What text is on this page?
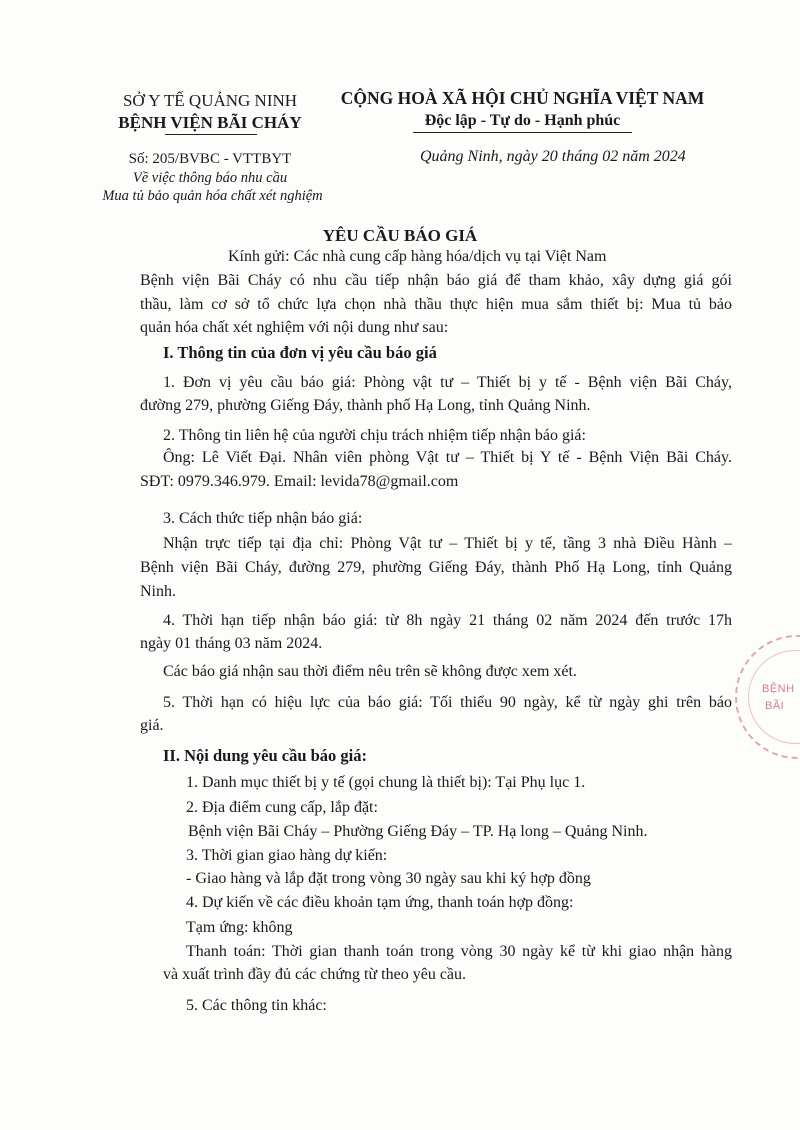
SỞ Y TẾ QUẢNG NINH
BỆNH VIỆN BÃI CHÁY
CỘNG HOÀ XÃ HỘI CHỦ NGHĨA VIỆT NAM
Độc lập - Tự do - Hạnh phúc
Số: 205/BVBC - VTTBYT
Về việc thông báo nhu cầu
Mua tủ bảo quản hóa chất xét nghiệm
Quảng Ninh, ngày 20 tháng 02 năm 2024
YÊU CẦU BÁO GIÁ
Kính gửi: Các nhà cung cấp hàng hóa/dịch vụ tại Việt Nam
Bệnh viện Bãi Cháy có nhu cầu tiếp nhận báo giá để tham khảo, xây dựng giá gói
thầu, làm cơ sở tổ chức lựa chọn nhà thầu thực hiện mua sắm thiết bị: Mua tủ bảo
quản hóa chất xét nghiệm với nội dung như sau:
I. Thông tin của đơn vị yêu cầu báo giá
1. Đơn vị yêu cầu báo giá: Phòng vật tư – Thiết bị y tế - Bệnh viện Bãi Cháy,
đường 279, phường Giếng Đáy, thành phố Hạ Long, tỉnh Quảng Ninh.
2. Thông tin liên hệ của người chịu trách nhiệm tiếp nhận báo giá:
Ông: Lê Viết Đại. Nhân viên phòng Vật tư – Thiết bị Y tế - Bệnh Viện Bãi Cháy.
SĐT: 0979.346.979. Email: levida78@gmail.com
3. Cách thức tiếp nhận báo giá:
Nhận trực tiếp tại địa chỉ: Phòng Vật tư – Thiết bị y tế, tầng 3 nhà Điều Hành –
Bệnh viện Bãi Cháy, đường 279, phường Giếng Đáy, thành Phố Hạ Long, tỉnh Quảng
Ninh.
4. Thời hạn tiếp nhận báo giá: từ 8h ngày 21 tháng 02 năm 2024 đến trước 17h
ngày 01 tháng 03 năm 2024.
Các báo giá nhận sau thời điểm nêu trên sẽ không được xem xét.
5. Thời hạn có hiệu lực của báo giá: Tối thiểu 90 ngày, kể từ ngày ghi trên báo
giá.
II. Nội dung yêu cầu báo giá:
1. Danh mục thiết bị y tế (gọi chung là thiết bị): Tại Phụ lục 1.
2. Địa điểm cung cấp, lắp đặt:
Bệnh viện Bãi Cháy – Phường Giếng Đáy – TP. Hạ long – Quảng Ninh.
3. Thời gian giao hàng dự kiến:
- Giao hàng và lắp đặt trong vòng 30 ngày sau khi ký hợp đồng
4. Dự kiến về các điều khoản tạm ứng, thanh toán hợp đồng:
Tạm ứng: không
Thanh toán: Thời gian thanh toán trong vòng 30 ngày kể từ khi giao nhận hàng
và xuất trình đầy đủ các chứng từ theo yêu cầu.
5. Các thông tin khác:
BỆNH
BÃI
